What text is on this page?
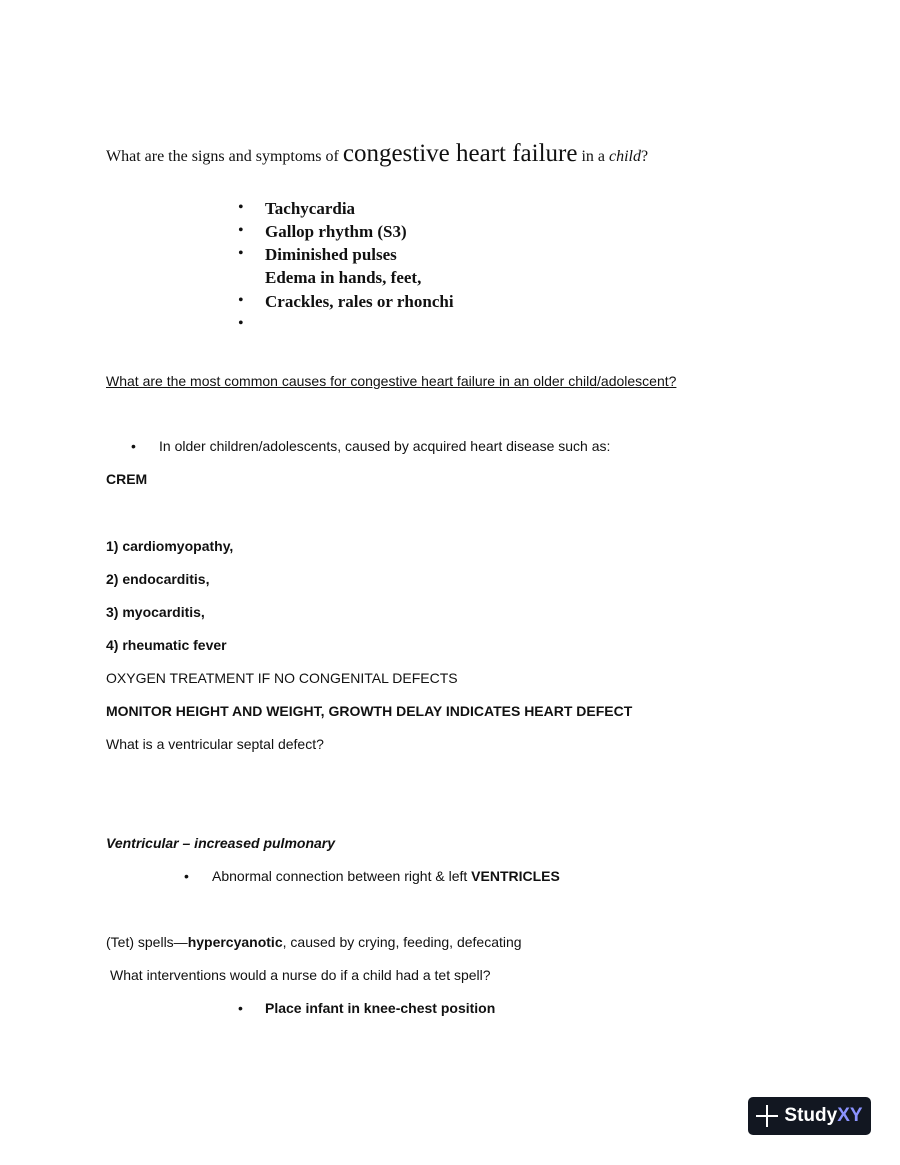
What are the signs and symptoms of congestive heart failure in a child?
• Tachycardia
• Gallop rhythm (S3)
• Diminished pulses
Edema in hands, feet,
• Crackles, rales or rhonchi
•
What are the most common causes for congestive heart failure in an older child/adolescent?
• In older children/adolescents, caused by acquired heart disease such as:
CREM
1) cardiomyopathy,
2) endocarditis,
3) myocarditis,
4) rheumatic fever
OXYGEN TREATMENT IF NO CONGENITAL DEFECTS
MONITOR HEIGHT AND WEIGHT, GROWTH DELAY INDICATES HEART DEFECT
What is a ventricular septal defect?
Ventricular – increased pulmonary
• Abnormal connection between right & left VENTRICLES
(Tet) spells—hypercyanotic, caused by crying, feeding, defecating
What interventions would a nurse do if a child had a tet spell?
• Place infant in knee-chest position
StudyXY
